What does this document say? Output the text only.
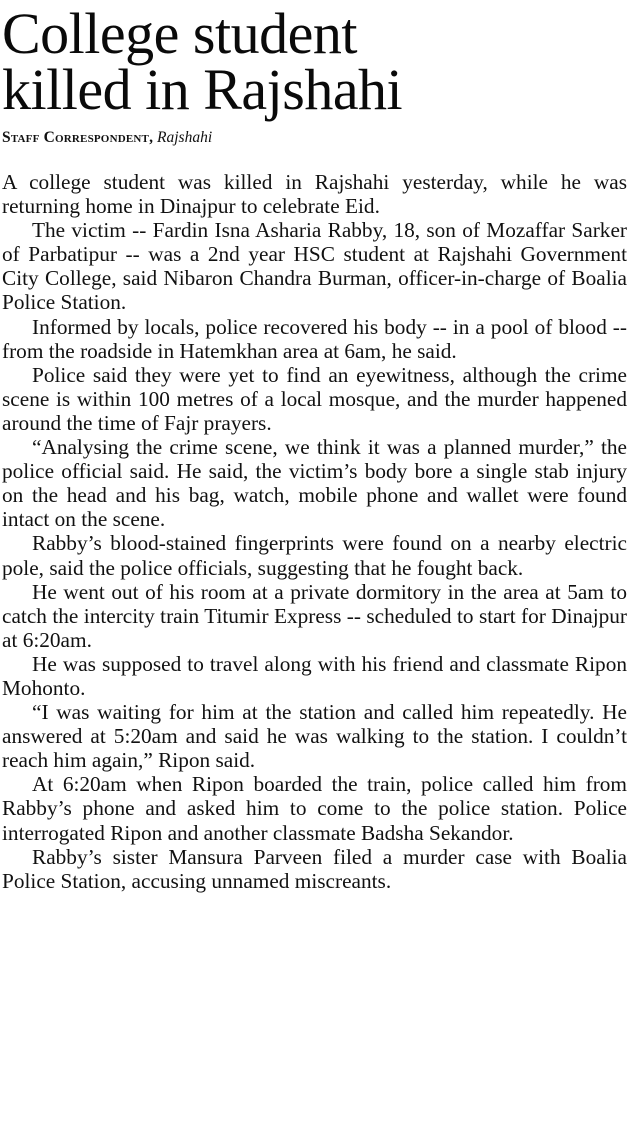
College student
killed in Rajshahi
Staff Correspondent, Rajshahi

A college student was killed in Rajshahi yesterday, while he was returning home in Dinajpur to celebrate Eid.

The victim -- Fardin Isna Asharia Rabby, 18, son of Mozaffar Sarker of Parbatipur -- was a 2nd year HSC student at Rajshahi Government City College, said Nibaron Chandra Burman, officer-in-charge of Boalia Police Station.

Informed by locals, police recovered his body -- in a pool of blood -- from the roadside in Hatemkhan area at 6am, he said.

Police said they were yet to find an eyewitness, although the crime scene is within 100 metres of a local mosque, and the murder happened around the time of Fajr prayers.

“Analysing the crime scene, we think it was a planned murder,” the police official said. He said, the victim’s body bore a single stab injury on the head and his bag, watch, mobile phone and wallet were found intact on the scene.

Rabby’s blood-stained fingerprints were found on a nearby electric pole, said the police officials, suggesting that he fought back.

He went out of his room at a private dormitory in the area at 5am to catch the intercity train Titumir Express -- scheduled to start for Dinajpur at 6:20am.

He was supposed to travel along with his friend and classmate Ripon Mohonto.

“I was waiting for him at the station and called him repeatedly. He answered at 5:20am and said he was walking to the station. I couldn’t reach him again,” Ripon said.

At 6:20am when Ripon boarded the train, police called him from Rabby’s phone and asked him to come to the police station. Police interrogated Ripon and another classmate Badsha Sekandor.

Rabby’s sister Mansura Parveen filed a murder case with Boalia Police Station, accusing unnamed miscreants.
